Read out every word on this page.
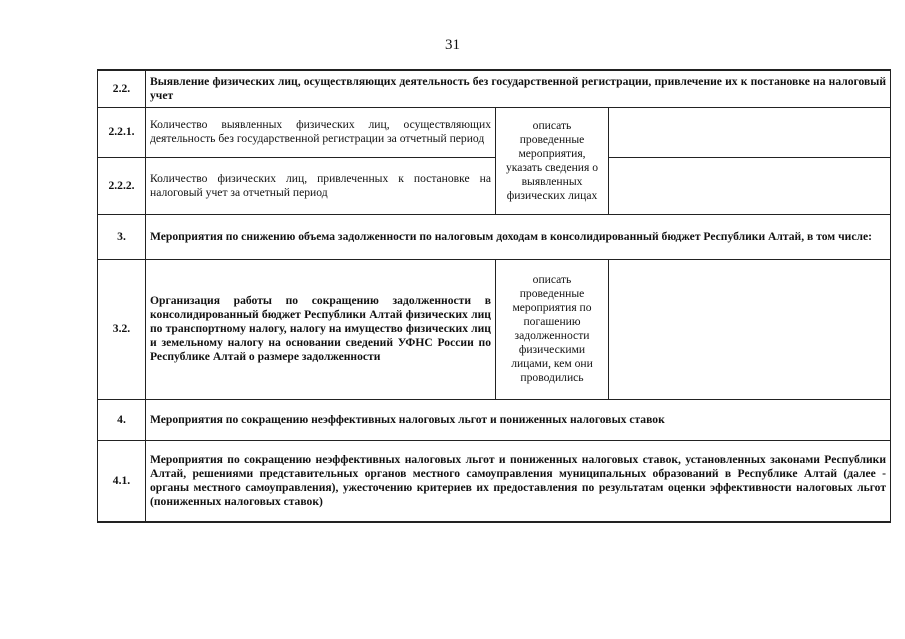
31
2.2.	Выявление физических лиц, осуществляющих деятельность без государственной регистрации, привлечение их к постановке на налоговый учет		
2.2.1.	Количество выявленных физических лиц, осуществляющих деятельность без государственной регистрации за отчетный период	описать проведенные мероприятия, указать сведения о выявленных физических лицах	
2.2.2.	Количество физических лиц, привлеченных к постановке на налоговый учет за отчетный период		
3.	Мероприятия по снижению объема задолженности по налоговым доходам в консолидированный бюджет Республики Алтай, в том числе:		
3.2.	Организация работы по сокращению задолженности в консолидированный бюджет Республики Алтай физических лиц по транспортному налогу, налогу на имущество физических лиц и земельному налогу на основании сведений УФНС России по Республике Алтай о размере задолженности	описать проведенные мероприятия по погашению задолженности физическими лицами, кем они проводились	
4.	Мероприятия по сокращению неэффективных налоговых льгот и пониженных налоговых ставок		
4.1.	Мероприятия по сокращению неэффективных налоговых льгот и пониженных налоговых ставок, установленных законами Республики Алтай, решениями представительных органов местного самоуправления муниципальных образований в Республике Алтай (далее - органы местного самоуправления), ужесточению критериев их предоставления по результатам оценки эффективности налоговых льгот (пониженных налоговых ставок)		
